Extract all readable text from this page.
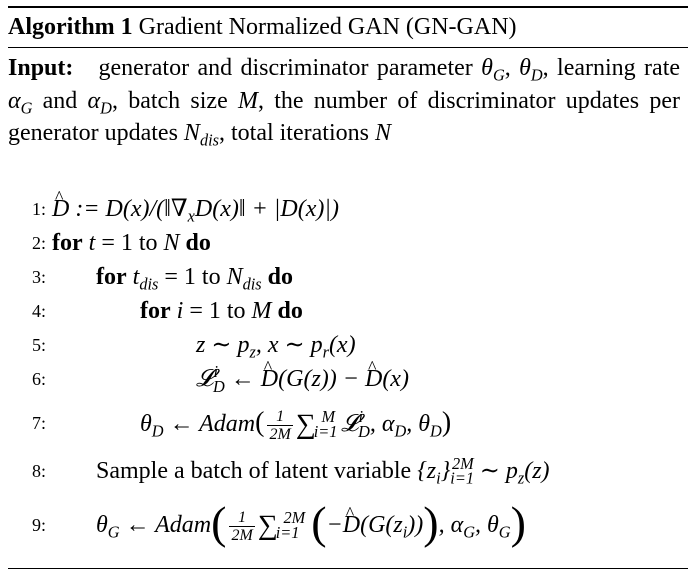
Algorithm 1 Gradient Normalized GAN (GN-GAN)
Input: generator and discriminator parameter $\theta_G$, $\theta_D$, learning rate $\alpha_G$ and $\alpha_D$, batch size M, the number of discriminator updates per generator updates $N_{dis}$, total iterations N
1:
^ D := $D(x)/(‖\nabla_xD(x)‖ + |D(x)|)$
2: for t = 1 to N do
3: for $t_{dis} = 1$ to $N_{dis}$ do
4:	for i = 1 to M do
5:	z ∼ $p_z$, x ∼ $p_r(x)$
6:	𝓛$^i_D$ ← ^ D(G(z)) − ^ D(x)
7:	$\theta_D$ ← Adam( $\frac{1}{2M} \sum_{i=1}^M$ 𝓛$^i_D$, $\alpha_D$, $\theta_D$)
8: Sample a batch of latent variable $\{z_i\}_{i=1}^{2M}$ ∼ $p_z(z)$
9: $\theta_G$ ← Adam( $\frac{1}{2M} \sum_{i=1}^{2M}$ (−^ $D(G(z_i))$), $\alpha_G$, $\theta_G$)
